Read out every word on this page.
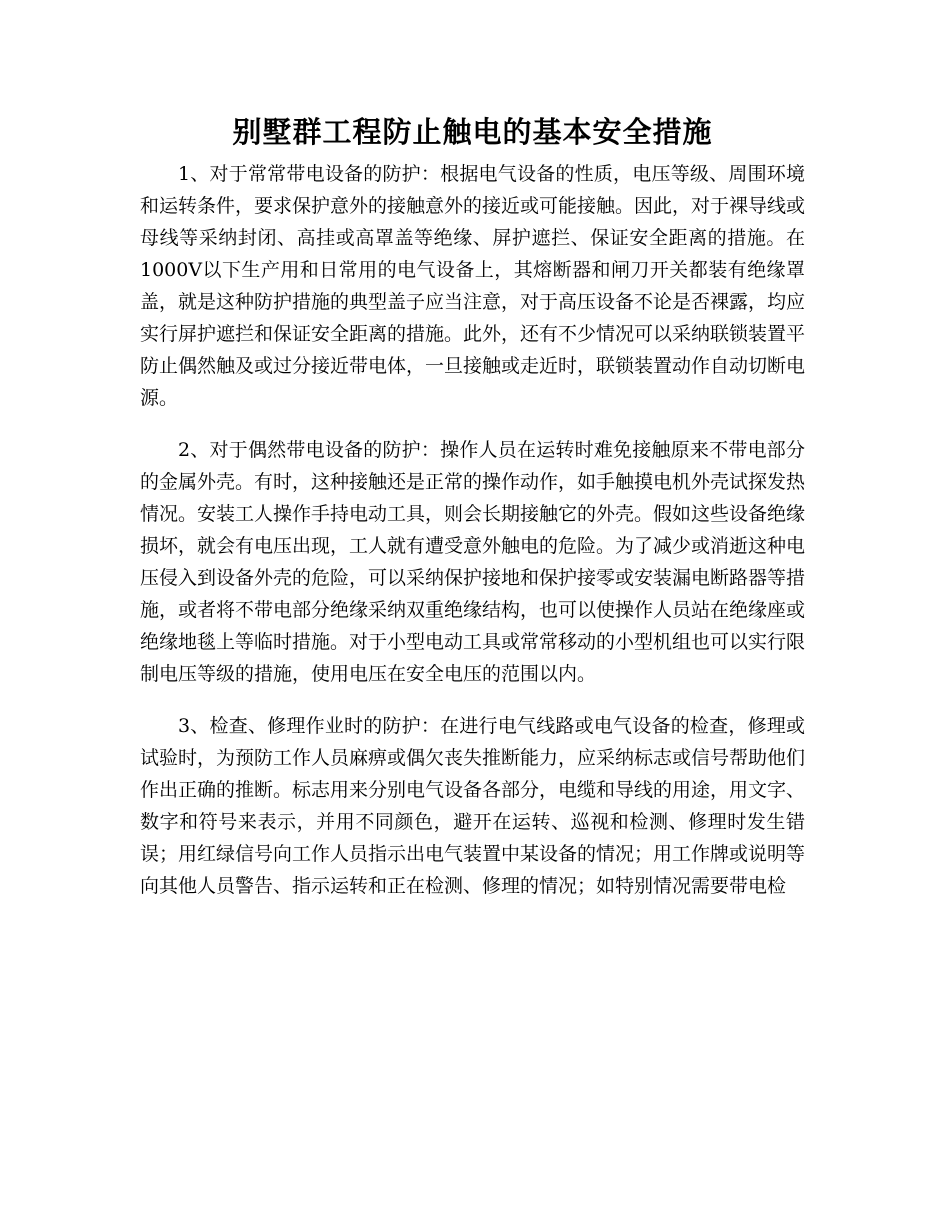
别墅群工程防止触电的基本安全措施

1、对于常常带电设备的防护：根据电气设备的性质，电压等级、周围环境和运转条件，要求保护意外的接触意外的接近或可能接触。因此，对于裸导线或母线等采纳封闭、高挂或高罩盖等绝缘、屏护遮拦、保证安全距离的措施。在1000V以下生产用和日常用的电气设备上，其熔断器和闸刀开关都装有绝缘罩盖，就是这种防护措施的典型盖子应当注意，对于高压设备不论是否裸露，均应实行屏护遮拦和保证安全距离的措施。此外，还有不少情况可以采纳联锁装置平防止偶然触及或过分接近带电体，一旦接触或走近时，联锁装置动作自动切断电源。

2、对于偶然带电设备的防护：操作人员在运转时难免接触原来不带电部分的金属外壳。有时，这种接触还是正常的操作动作，如手触摸电机外壳试探发热情况。安装工人操作手持电动工具，则会长期接触它的外壳。假如这些设备绝缘损坏，就会有电压出现，工人就有遭受意外触电的危险。为了减少或消逝这种电压侵入到设备外壳的危险，可以采纳保护接地和保护接零或安装漏电断路器等措施，或者将不带电部分绝缘采纳双重绝缘结构，也可以使操作人员站在绝缘座或绝缘地毯上等临时措施。对于小型电动工具或常常移动的小型机组也可以实行限制电压等级的措施，使用电压在安全电压的范围以内。

3、检查、修理作业时的防护：在进行电气线路或电气设备的检查，修理或试验时，为预防工作人员麻痹或偶欠丧失推断能力，应采纳标志或信号帮助他们作出正确的推断。标志用来分别电气设备各部分，电缆和导线的用途，用文字、数字和符号来表示，并用不同颜色，避开在运转、巡视和检测、修理时发生错误；用红绿信号向工作人员指示出电气装置中某设备的情况；用工作牌或说明等向其他人员警告、指示运转和正在检测、修理的情况；如特别情况需要带电检
